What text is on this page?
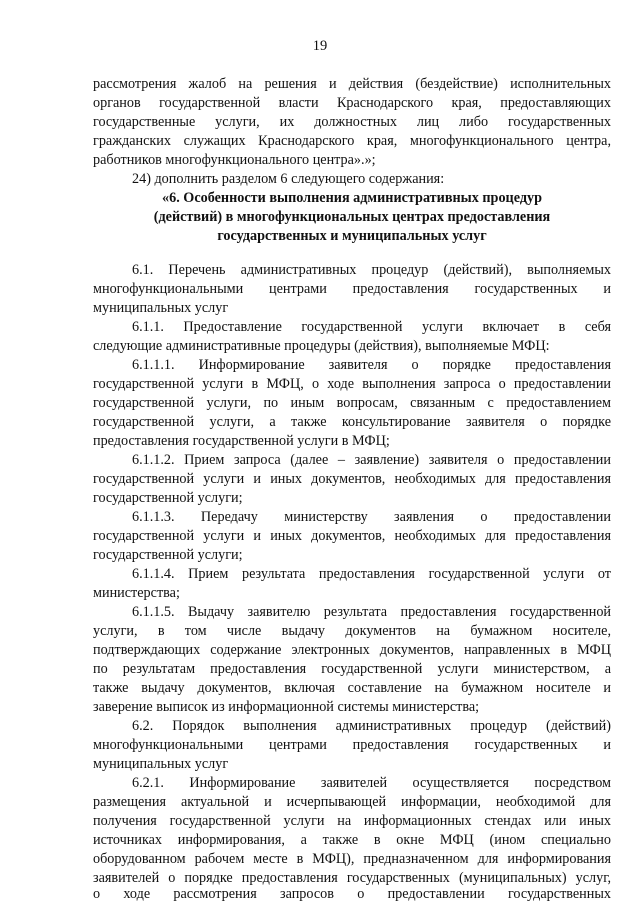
19
рассмотрения жалоб на решения и действия (бездействие) исполнительных
органов государственной власти Краснодарского края, предоставляющих
государственные услуги, их должностных лиц либо государственных
гражданских служащих Краснодарского края, многофункционального центра,
работников многофункционального центра».»;
24) дополнить разделом 6 следующего содержания:
«6. Особенности выполнения административных процедур
(действий) в многофункциональных центрах предоставления
государственных и муниципальных услуг
6.1. Перечень административных процедур (действий), выполняемых
многофункциональными центрами предоставления государственных и
муниципальных услуг
6.1.1. Предоставление государственной услуги включает в себя
следующие административные процедуры (действия), выполняемые МФЦ:
6.1.1.1. Информирование заявителя о порядке предоставления
государственной услуги в МФЦ, о ходе выполнения запроса о предоставлении
государственной услуги, по иным вопросам, связанным с предоставлением
государственной услуги, а также консультирование заявителя о порядке
предоставления государственной услуги в МФЦ;
6.1.1.2. Прием запроса (далее – заявление) заявителя о предоставлении
государственной услуги и иных документов, необходимых для предоставления
государственной услуги;
6.1.1.3. Передачу министерству заявления о предоставлении
государственной услуги и иных документов, необходимых для предоставления
государственной услуги;
6.1.1.4. Прием результата предоставления государственной услуги от
министерства;
6.1.1.5. Выдачу заявителю результата предоставления государственной
услуги, в том числе выдачу документов на бумажном носителе,
подтверждающих содержание электронных документов, направленных в МФЦ
по результатам предоставления государственной услуги министерством, а
также выдачу документов, включая составление на бумажном носителе и
заверение выписок из информационной системы министерства;
6.2. Порядок выполнения административных процедур (действий)
многофункциональными центрами предоставления государственных и
муниципальных услуг
6.2.1. Информирование заявителей осуществляется посредством
размещения актуальной и исчерпывающей информации, необходимой для
получения государственной услуги на информационных стендах или иных
источниках информирования, а также в окне МФЦ (ином специально
оборудованном рабочем месте в МФЦ), предназначенном для информирования
заявителей о порядке предоставления государственных (муниципальных) услуг,
о ходе рассмотрения запросов о предоставлении государственных
